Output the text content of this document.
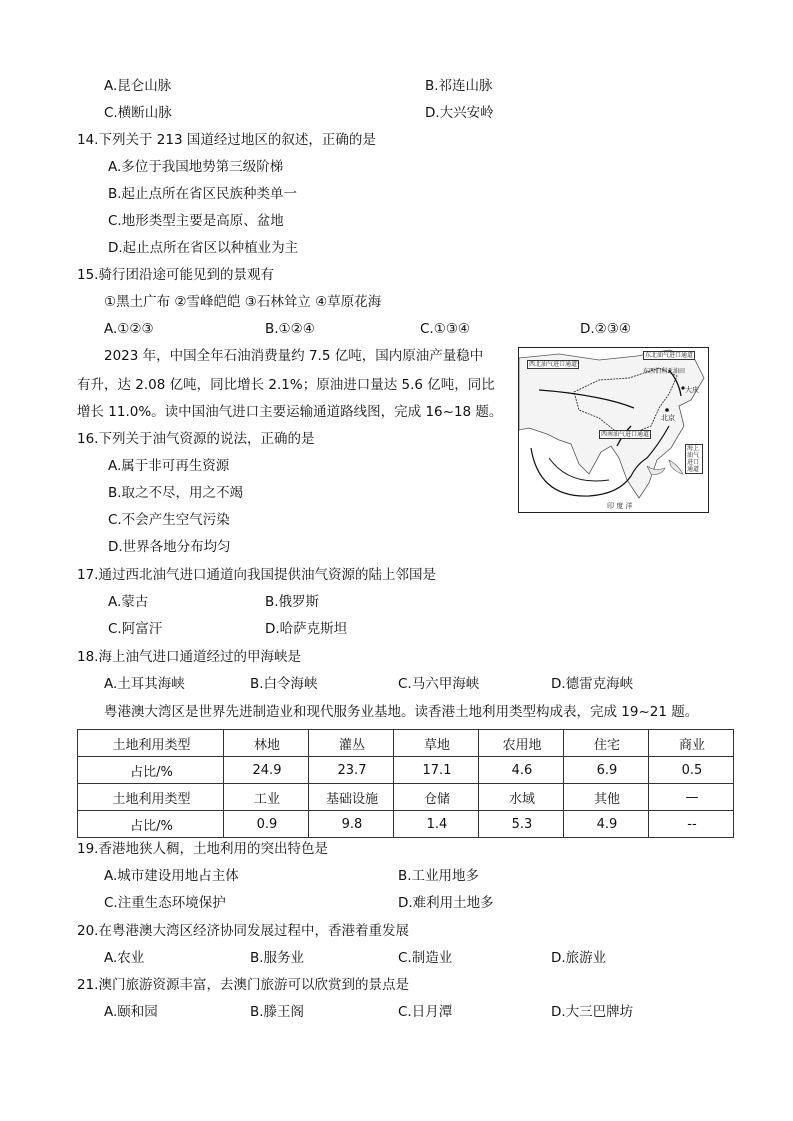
A.昆仑山脉	B.祁连山脉
C.横断山脉	D.大兴安岭
14.下列关于 213 国道经过地区的叙述，正确的是
A.多位于我国地势第三级阶梯
B.起止点所在省区民族种类单一
C.地形类型主要是高原、盆地
D.起止点所在省区以种植业为主
15.骑行团沿途可能见到的景观有
①黑土广布 ②雪峰皑皑 ③石林耸立 ④草原花海
A.①②③	B.①②④	C.①③④	D.②③④
2023 年，中国全年石油消费量约 7.5 亿吨，国内原油产量稳中
有升，达 2.08 亿吨，同比增长 2.1%；原油进口量达 5.6 亿吨，同比
增长 11.0%。读中国油气进口主要运输通道路线图，完成 16~18 题。
西北油气进口通道
东北油气进口通道
西南油气进口通道
海上油气进口通道
东西伯利亚油田
大庆
北京
印 度 洋
16.下列关于油气资源的说法，正确的是
A.属于非可再生资源
B.取之不尽，用之不竭
C.不会产生空气污染
D.世界各地分布均匀
17.通过西北油气进口通道向我国提供油气资源的陆上邻国是
A.蒙古	B.俄罗斯
C.阿富汗	D.哈萨克斯坦
18.海上油气进口通道经过的甲海峡是
A.土耳其海峡	B.白令海峡	C.马六甲海峡	D.德雷克海峡
粤港澳大湾区是世界先进制造业和现代服务业基地。读香港土地利用类型构成表，完成 19~21 题。
土地利用类型	林地	灌丛	草地	农用地	住宅	商业
占比/%	24.9	23.7	17.1	4.6	6.9	0.5
土地利用类型	工业	基础设施	仓储	水域	其他	—
占比/%	0.9	9.8	1.4	5.3	4.9	--
19.香港地狭人稠，土地利用的突出特色是
A.城市建设用地占主体	B.工业用地多
C.注重生态环境保护	D.难利用土地多
20.在粤港澳大湾区经济协同发展过程中，香港着重发展
A.农业	B.服务业	C.制造业	D.旅游业
21.澳门旅游资源丰富，去澳门旅游可以欣赏到的景点是
A.颐和园	B.滕王阁	C.日月潭	D.大三巴牌坊
